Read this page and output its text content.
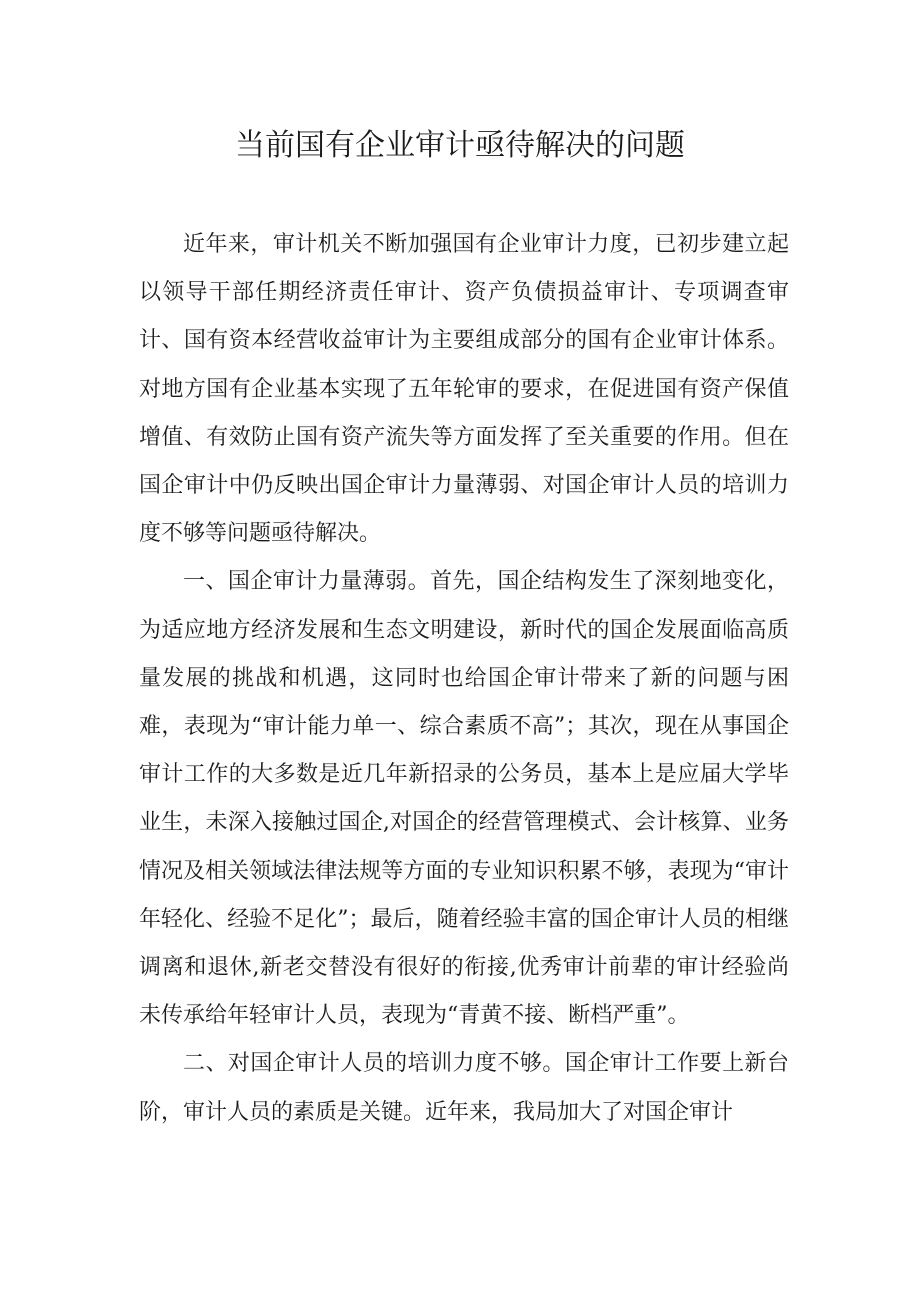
当前国有企业审计亟待解决的问题

近年来，审计机关不断加强国有企业审计力度，已初步建立起以领导干部任期经济责任审计、资产负债损益审计、专项调查审计、国有资本经营收益审计为主要组成部分的国有企业审计体系。对地方国有企业基本实现了五年轮审的要求，在促进国有资产保值增值、有效防止国有资产流失等方面发挥了至关重要的作用。但在国企审计中仍反映出国企审计力量薄弱、对国企审计人员的培训力度不够等问题亟待解决。

一、国企审计力量薄弱。首先，国企结构发生了深刻地变化，为适应地方经济发展和生态文明建设，新时代的国企发展面临高质量发展的挑战和机遇，这同时也给国企审计带来了新的问题与困难，表现为“审计能力单一、综合素质不高”；其次，现在从事国企审计工作的大多数是近几年新招录的公务员，基本上是应届大学毕业生，未深入接触过国企,对国企的经营管理模式、会计核算、业务情况及相关领域法律法规等方面的专业知识积累不够，表现为“审计年轻化、经验不足化”；最后，随着经验丰富的国企审计人员的相继调离和退休,新老交替没有很好的衔接,优秀审计前辈的审计经验尚未传承给年轻审计人员，表现为“青黄不接、断档严重”。

二、对国企审计人员的培训力度不够。国企审计工作要上新台阶，审计人员的素质是关键。近年来，我局加大了对国企审计
